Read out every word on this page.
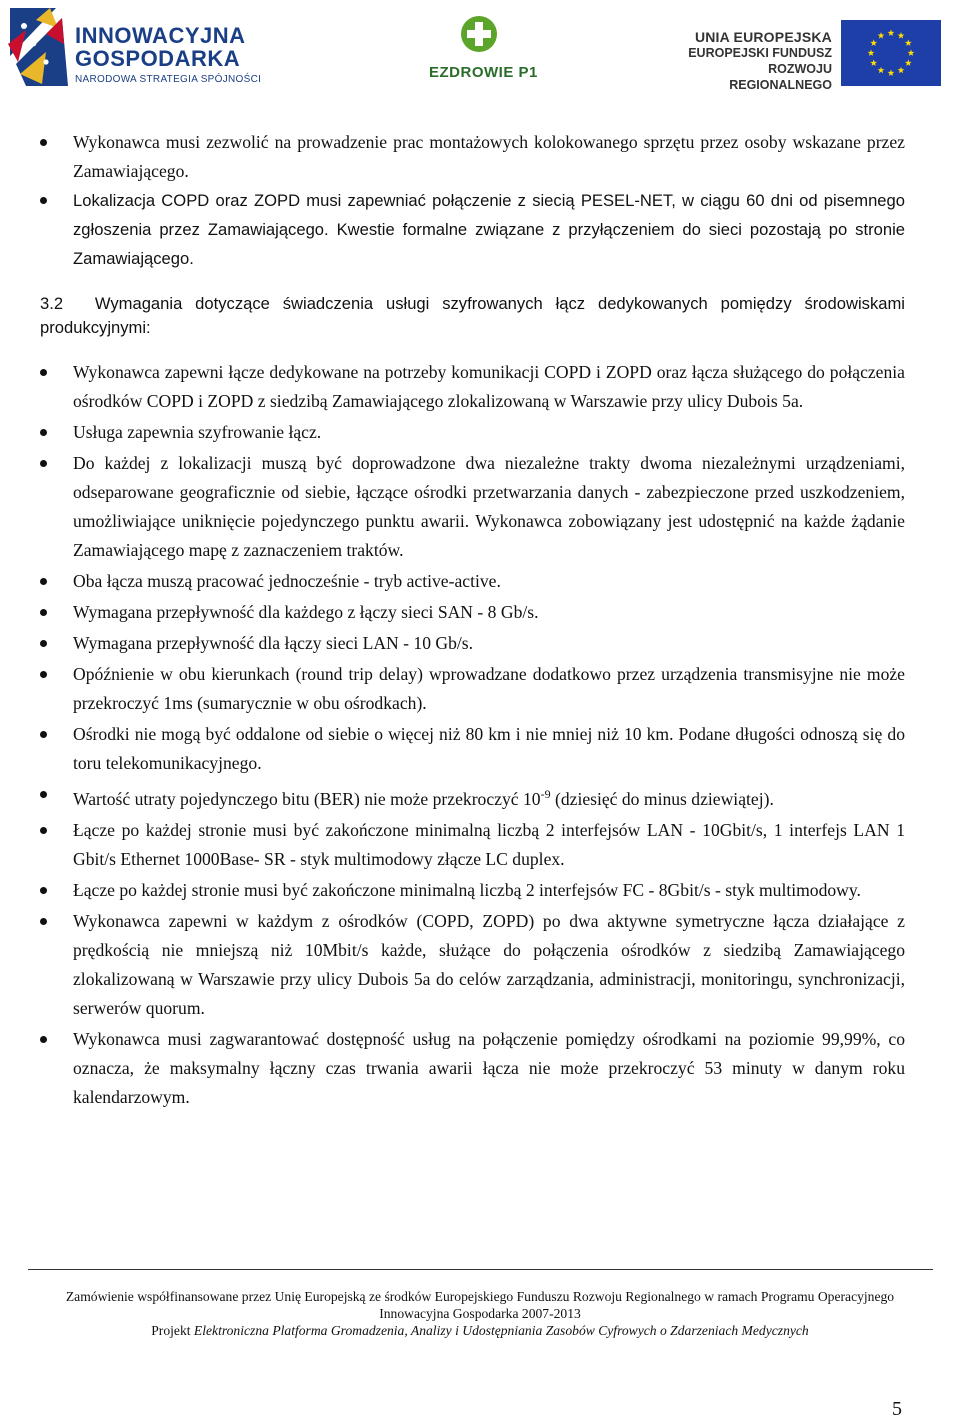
INNOWACYJNA
GOSPODARKA
NARODOWA STRATEGIA SPÓJNOŚCI	EZDROWIE P1
UNIA EUROPEJSKA
EUROPEJSKI FUNDUSZ
ROZWOJU REGIONALNEGO
Wykonawca musi zezwolić na prowadzenie prac montażowych kolokowanego sprzętu przez osoby wskazane przez Zamawiającego.
Lokalizacja COPD oraz ZOPD musi zapewniać połączenie z siecią PESEL-NET, w ciągu 60 dni od pisemnego zgłoszenia przez Zamawiającego. Kwestie formalne związane z przyłączeniem do sieci pozostają po stronie Zamawiającego.
3.2 Wymagania dotyczące świadczenia usługi szyfrowanych łącz dedykowanych pomiędzy środowiskami produkcyjnymi:
Wykonawca zapewni łącze dedykowane na potrzeby komunikacji COPD i ZOPD oraz łącza służącego do połączenia ośrodków COPD i ZOPD z siedzibą Zamawiającego zlokalizowaną w Warszawie przy ulicy Dubois 5a.
Usługa zapewnia szyfrowanie łącz.
Do każdej z lokalizacji muszą być doprowadzone dwa niezależne trakty dwoma niezależnymi urządzeniami, odseparowane geograficznie od siebie, łączące ośrodki przetwarzania danych - zabezpieczone przed uszkodzeniem, umożliwiające uniknięcie pojedynczego punktu awarii. Wykonawca zobowiązany jest udostępnić na każde żądanie Zamawiającego mapę z zaznaczeniem traktów.
Oba łącza muszą pracować jednocześnie - tryb active-active.
Wymagana przepływność dla każdego z łączy sieci SAN - 8 Gb/s.
Wymagana przepływność dla łączy sieci LAN - 10 Gb/s.
Opóźnienie w obu kierunkach (round trip delay) wprowadzane dodatkowo przez urządzenia transmisyjne nie może przekroczyć 1ms (sumarycznie w obu ośrodkach).
Ośrodki nie mogą być oddalone od siebie o więcej niż 80 km i nie mniej niż 10 km. Podane długości odnoszą się do toru telekomunikacyjnego.
Wartość utraty pojedynczego bitu (BER) nie może przekroczyć $10^{-9}$ (dziesięć do minus dziewiątej).
Łącze po każdej stronie musi być zakończone minimalną liczbą 2 interfejsów LAN - 10Gbit/s, 1 interfejs LAN 1 Gbit/s Ethernet 1000Base- SR - styk multimodowy złącze LC duplex.
Łącze po każdej stronie musi być zakończone minimalną liczbą 2 interfejsów FC - 8Gbit/s - styk multimodowy.
Wykonawca zapewni w każdym z ośrodków (COPD, ZOPD) po dwa aktywne symetryczne łącza działające z prędkością nie mniejszą niż 10Mbit/s każde, służące do połączenia ośrodków z siedzibą Zamawiającego zlokalizowaną w Warszawie przy ulicy Dubois 5a do celów zarządzania, administracji, monitoringu, synchronizacji, serwerów quorum.
Wykonawca musi zagwarantować dostępność usług na połączenie pomiędzy ośrodkami na poziomie 99,99%, co oznacza, że maksymalny łączny czas trwania awarii łącza nie może przekroczyć 53 minuty w danym roku kalendarzowym.
Zamówienie współfinansowane przez Unię Europejską ze środków Europejskiego Funduszu Rozwoju Regionalnego w ramach Programu Operacyjnego
Innowacyjna Gospodarka 2007-2013
Projekt Elektroniczna Platforma Gromadzenia, Analizy i Udostępniania Zasobów Cyfrowych o Zdarzeniach Medycznych
5
